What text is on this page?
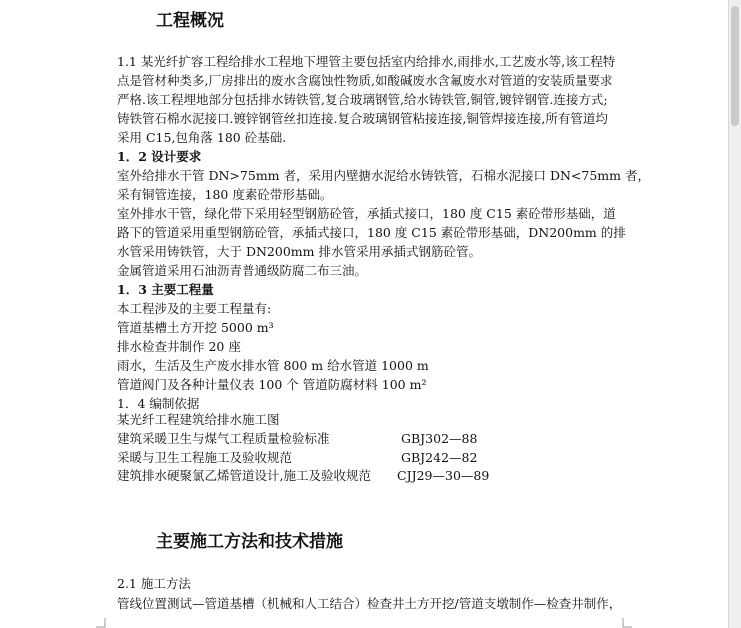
工程概况
1.1 某光纤扩容工程给排水工程地下埋管主要包括室内给排水,雨排水,工艺废水等,该工程特
点是管材种类多,厂房排出的废水含腐蚀性物质,如酸碱废水含氟废水对管道的安装质量要求
严格.该工程埋地部分包括排水铸铁管,复合玻璃钢管,给水铸铁管,铜管,镀锌钢管.连接方式;
铸铁管石棉水泥接口.镀锌钢管丝扣连接.复合玻璃钢管粘接连接,铜管焊接连接,所有管道均
采用 C15,包角落 180 砼基础.
1．2 设计要求
室外给排水干管 DN>75mm 者，采用内壁搪水泥给水铸铁管，石棉水泥接口 DN<75mm 者，
采有铜管连接，180 度素砼带形基础。
室外排水干管，绿化带下采用轻型钢筋砼管，承插式接口，180 度 C15 素砼带形基础，道
路下的管道采用重型钢筋砼管，承插式接口，180 度 C15 素砼带形基础，DN200mm 的排
水管采用铸铁管，大于 DN200mm 排水管采用承插式钢筋砼管。
金属管道采用石油沥青普通级防腐二布三油。
1．3 主要工程量
本工程涉及的主要工程量有:
管道基槽土方开挖 5000 m³
排水检查井制作 20 座
雨水，生活及生产废水排水管 800 m 给水管道 1000 m
管道阀门及各种计量仪表 100 个 管道防腐材料 100 m²
1．4 编制依据
某光纤工程建筑给排水施工图
建筑采暖卫生与煤气工程质量检验标准	GBJ302—88
采暖与卫生工程施工及验收规范	GBJ242—82
建筑排水硬聚氯乙烯管道设计,施工及验收规范 CJJ29—30—89
主要施工方法和技术措施
2.1 施工方法
管线位置测试—管道基槽（机械和人工结合）检查井土方开挖/管道支墩制作—检查井制作，
